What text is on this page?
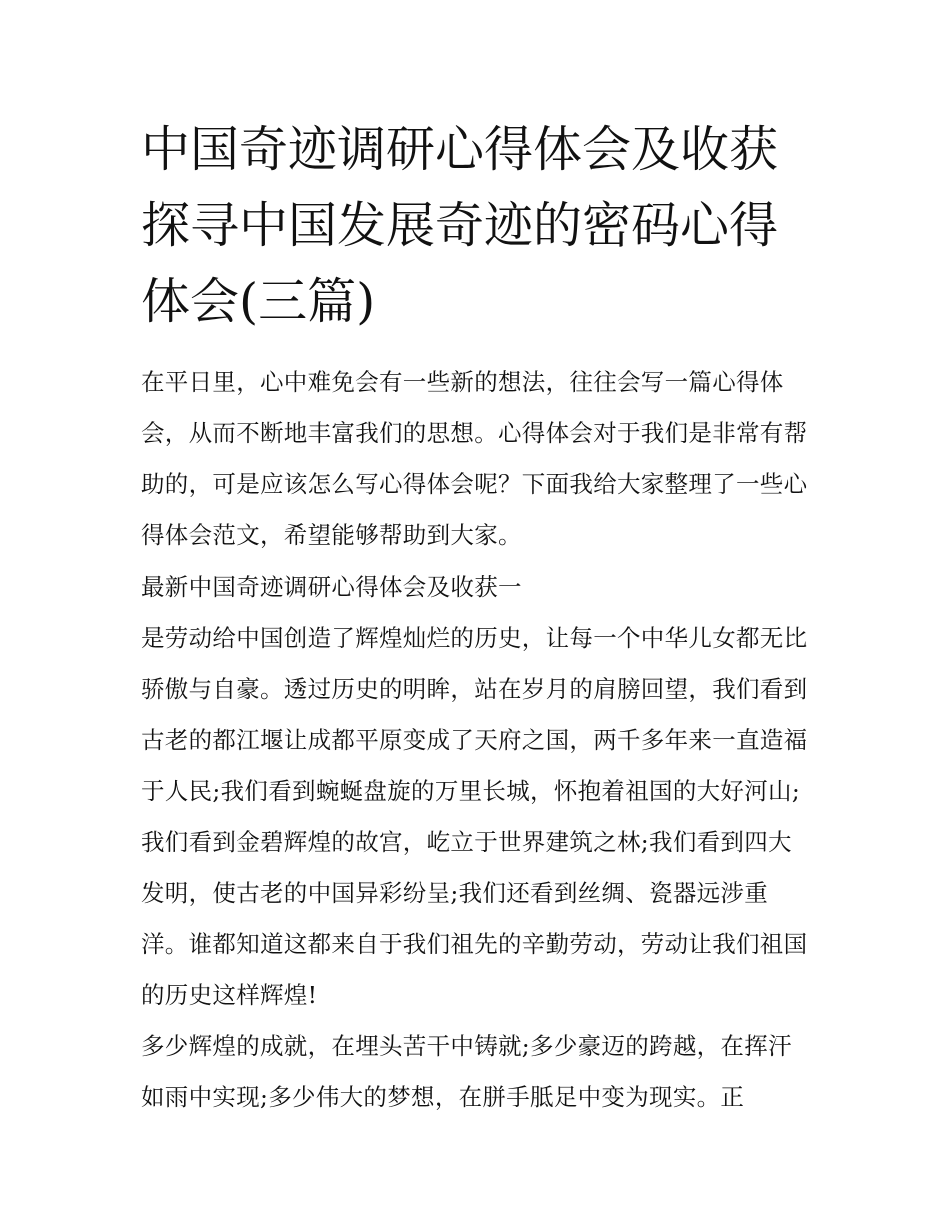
中国奇迹调研心得体会及收获探寻中国发展奇迹的密码心得体会(三篇)

在平日里，心中难免会有一些新的想法，往往会写一篇心得体会，从而不断地丰富我们的思想。心得体会对于我们是非常有帮助的，可是应该怎么写心得体会呢？下面我给大家整理了一些心得体会范文，希望能够帮助到大家。

最新中国奇迹调研心得体会及收获一

是劳动给中国创造了辉煌灿烂的历史，让每一个中华儿女都无比骄傲与自豪。透过历史的明眸，站在岁月的肩膀回望，我们看到古老的都江堰让成都平原变成了天府之国，两千多年来一直造福于人民;我们看到蜿蜒盘旋的万里长城，怀抱着祖国的大好河山;我们看到金碧辉煌的故宫，屹立于世界建筑之林;我们看到四大发明，使古老的中国异彩纷呈;我们还看到丝绸、瓷器远涉重洋。谁都知道这都来自于我们祖先的辛勤劳动，劳动让我们祖国的历史这样辉煌!

多少辉煌的成就，在埋头苦干中铸就;多少豪迈的跨越，在挥汗如雨中实现;多少伟大的梦想，在胼手胝足中变为现实。正
